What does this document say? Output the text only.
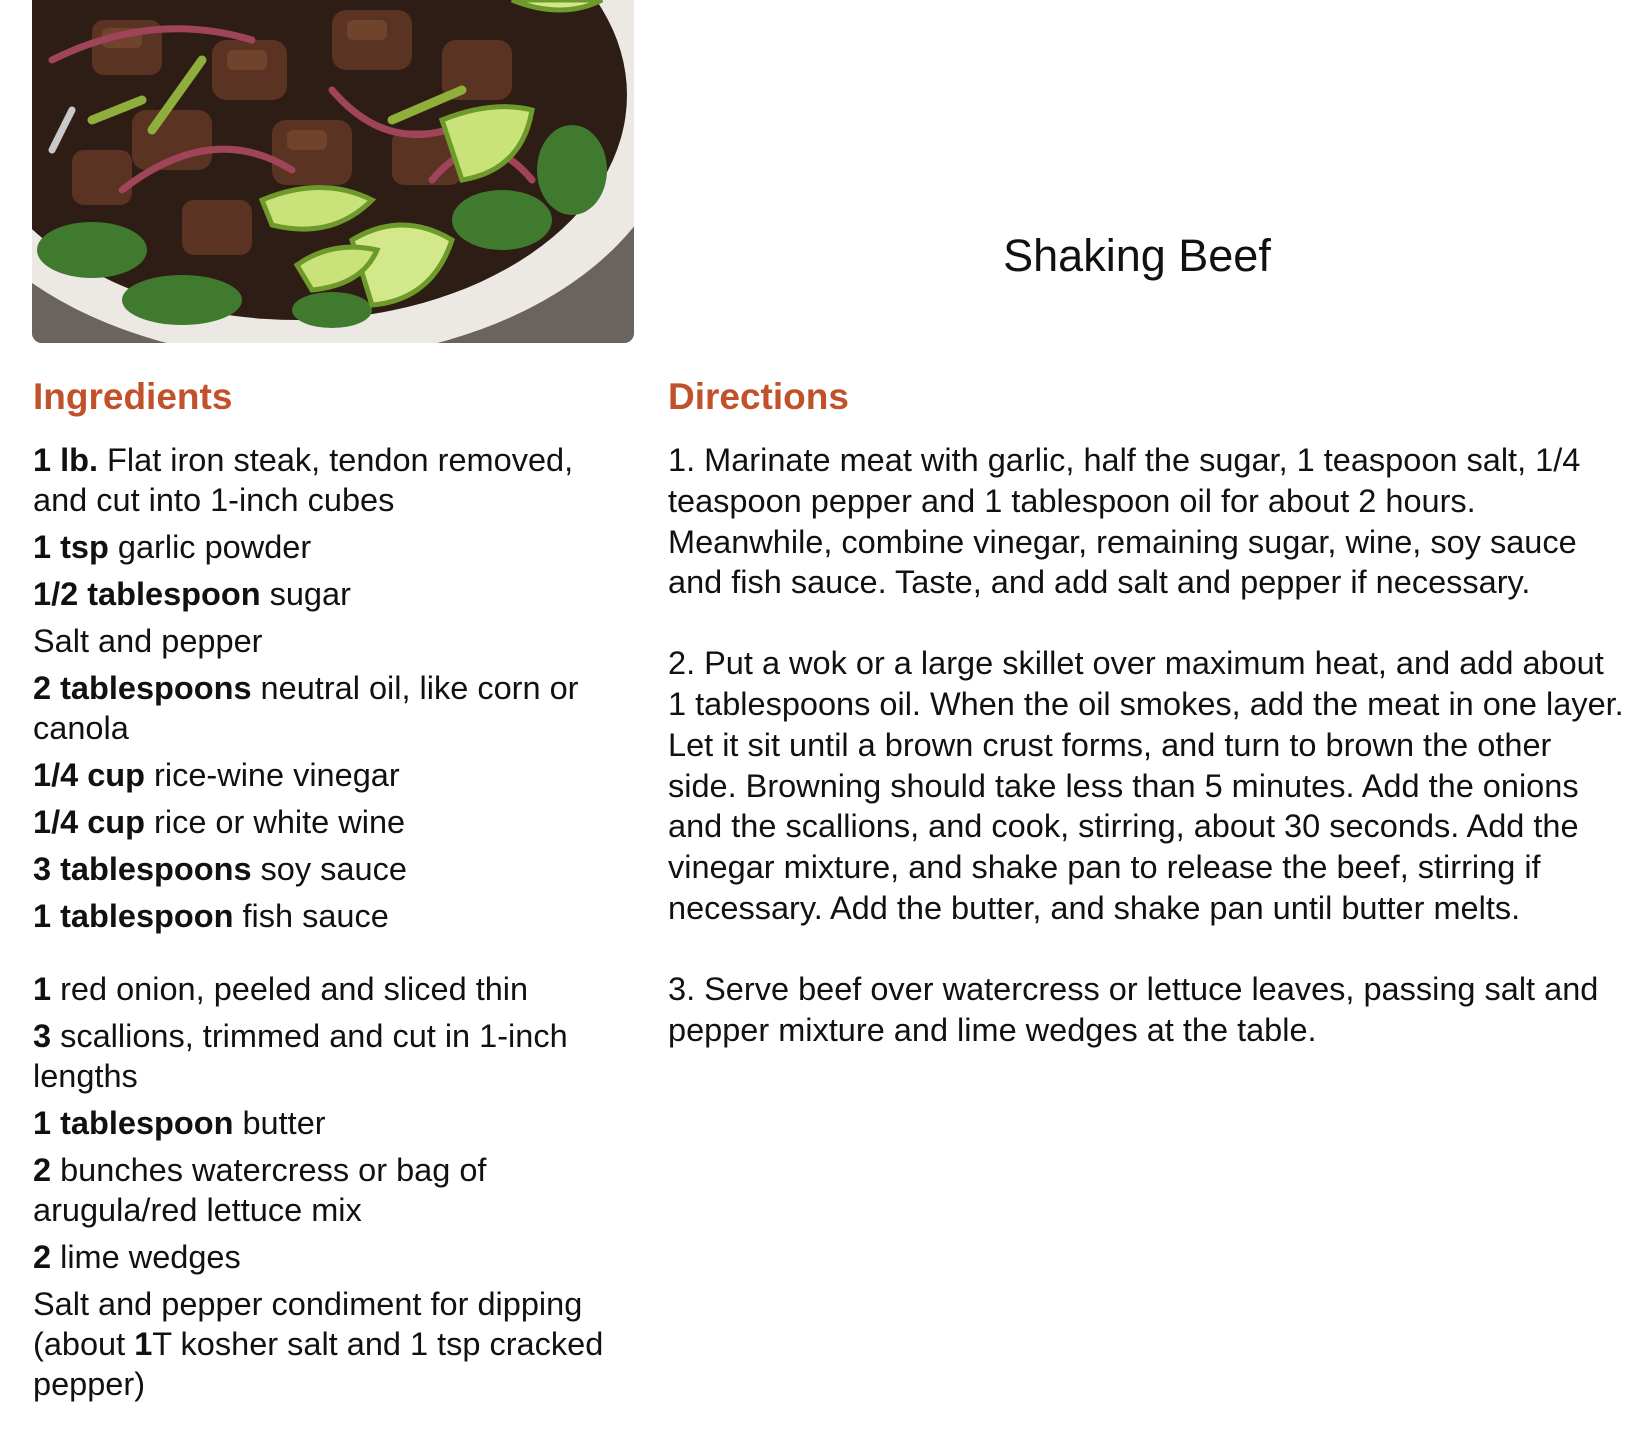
Shaking Beef
Ingredients	Directions
1 lb. Flat iron steak, tendon removed, and cut into 1-inch cubes
1 tsp garlic powder
1/2 tablespoon sugar
Salt and pepper
2 tablespoons neutral oil, like corn or canola
1/4 cup rice-wine vinegar
1/4 cup rice or white wine
3 tablespoons soy sauce
1 tablespoon fish sauce
1 red onion, peeled and sliced thin
3 scallions, trimmed and cut in 1-inch lengths
1 tablespoon butter
2 bunches watercress or bag of arugula/red lettuce mix
2 lime wedges
Salt and pepper condiment for dipping (about 1T kosher salt and 1 tsp cracked pepper)
1. Marinate meat with garlic, half the sugar, 1 teaspoon salt, 1/4 teaspoon pepper and 1 tablespoon oil for about 2 hours. Meanwhile, combine vinegar, remaining sugar, wine, soy sauce and fish sauce. Taste, and add salt and pepper if necessary.
2. Put a wok or a large skillet over maximum heat, and add about 1 tablespoons oil. When the oil smokes, add the meat in one layer. Let it sit until a brown crust forms, and turn to brown the other side. Browning should take less than 5 minutes. Add the onions and the scallions, and cook, stirring, about 30 seconds. Add the vinegar mixture, and shake pan to release the beef, stirring if necessary. Add the butter, and shake pan until butter melts.
3. Serve beef over watercress or lettuce leaves, passing salt and pepper mixture and lime wedges at the table.
